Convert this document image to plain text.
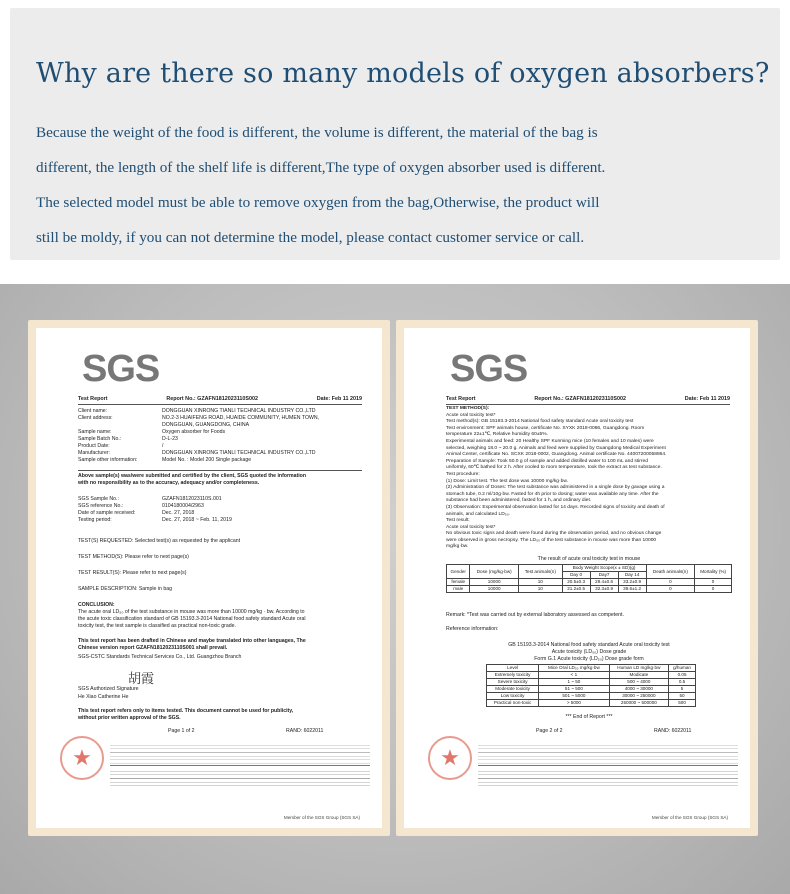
Why are there so many models of oxygen absorbers?
Because the weight of the food is different, the volume is different, the material of the bag is
different, the length of the shelf life is different,The type of oxygen absorber used is different.
The selected model must be able to remove oxygen from the bag,Otherwise, the product will
still be moldy, if you can not determine the model, please contact customer service or call.
SGS
Test Report	Report No.: GZAFN1812023110S002	Date: Feb 11 2019
Client name:	DONGGUAN XINRONG TIANLI TECHNICAL INDUSTRY CO.,LTD
Client address:	NO.2-3 HUAIFENG ROAD, HUAIDE COMMUNITY, HUMEN TOWN,
DONGGUAN, GUANGDONG, CHINA
Sample name:	Oxygen absorber for Foods
Sample Batch No.:	D-L-23
Product Date:	/
Manufacturer:	DONGGUAN XINRONG TIANLI TECHNICAL INDUSTRY CO.,LTD
Sample other information:	Model No. : Model 200 Single package
Above sample(s) was/were submitted and certified by the client, SGS quoted the information
with no responsibility as to the accuracy, adequacy and/or completeness.
SGS Sample No.:	GZAFN1812023110S.001
SGS reference No.:	0104180004/2963
Date of sample received:	Dec. 27, 2018
Testing period:	Dec. 27, 2018 ~ Feb. 11, 2019
TEST(S) REQUESTED: Selected test(s) as requested by the applicant
TEST METHOD(S): Please refer to next page(s)
TEST RESULT(S): Please refer to next page(s)
SAMPLE DESCRIPTION: Sample in bag
CONCLUSION:
The acute oral LD₅₀ of the test substance in mouse was more than 10000 mg/kg · bw. According to
the acute toxic classification standard of GB 15193.3-2014 National food safety standard Acute oral
toxicity test, the test sample is classified as practical non-toxic grade.
This test report has been drafted in Chinese and maybe translated into other languages, The
Chinese version report GZAFN1812023110S001 shall prevail.
SGS-CSTC Standards Technical Services Co., Ltd. Guangzhou Branch
胡霞
SGS Authorized Signature
He Xiao Catherine He
This test report refers only to items tested. This document cannot be used for publicity,
without prior written approval of the SGS.
Page 1 of 2	RAND: 6022011
★
Member of the SGS Group (SGS SA)
SGS
Test Report	Report No.: GZAFN1812023110S002	Date: Feb 11 2019
TEST METHOD(S):
Acute oral toxicity test*
Test method(s): GB 15193.3-2014 National food safety standard Acute oral toxicity test
Test environment: SPF animals house, certificate No. SYXK 2018-0086, Guangdong. Room
temperature 22±1℃, Relative humidity 60±5%.
Experimental animals and feed: 20 Healthy SPF Kunming mice (10 females and 10 males) were
selected, weighing 18.0 ~ 20.0 g. Animals and feed were supplied by Guangdong Medical Experiment
Animal Center, certificate No. SCXK 2018-0002, Guangdong. Animal certificate No. 44007200058864.
Preparation of Sample: Took 50.0 g of sample and added distilled water to 100 mL and stirred
uniformly, 60℃ bathed for 2 h. After cooled to room temperature, took the extract as test substance.
Test procedure:
(1) Dose: Limit test. The test dose was 10000 mg/kg·bw.
(2) Administration of Doses: The test substance was administered in a single dose by gavage using a
stomach tube, 0.2 ml/10g·bw. Fasted for 4h prior to dosing; water was available any time. After the
substance had been administered, fasted for 1 h, and ordinary diet.
(3) Observation: Experimental observation lasted for 14 days. Recorded signs of toxicity and death of
animals, and calculated LD₅₀.
Test result:
Acute oral toxicity test*
No obvious toxic signs and death were found during the observation period, and no obvious change
were observed in gross necropsy. The LD₅₀ of the test substance in mouse was more than 10000
mg/kg·bw.
The result of acute oral toxicity test in mouse
Gender	Dose (mg/kg·bw)	Test animals(n)	Body Weight Scope(x ± SD)(g)			Death animals(n)	Mortality (%)
			Day 0	Day7	Day 14		
female	10000	10	20.5±0.3	29.4±0.6	33.2±0.9	0	0
male	10000	10	21.2±0.5	32.3±0.9	39.6±1.2	0	0
Remark: *Test was carried out by external laboratory assessed as competent.
Reference information:
GB 15193.3-2014 National food safety standard Acute oral toxicity test
Acute toxicity (LD₅₀) Dose grade
Form G.1 Acute toxicity (LD₅₀) Dose grade form
Level	Mice Oral LD₅₀ mg/kg·bw	Human LD mg/kg·bw	g/human
Extremely toxicity	< 1	Modicate	0.05
Severe toxicity	1 ~ 50	500 ~ 4000	0.5
Moderate toxicity	51 ~ 500	4000 ~ 30000	5
Low toxicity	501 ~ 5000	30000 ~ 250000	50
Practical non-toxic	> 5000	250000 ~ 500000	500
*** End of Report ***
Page 2 of 2	RAND: 6022011
★
Member of the SGS Group (SGS SA)
